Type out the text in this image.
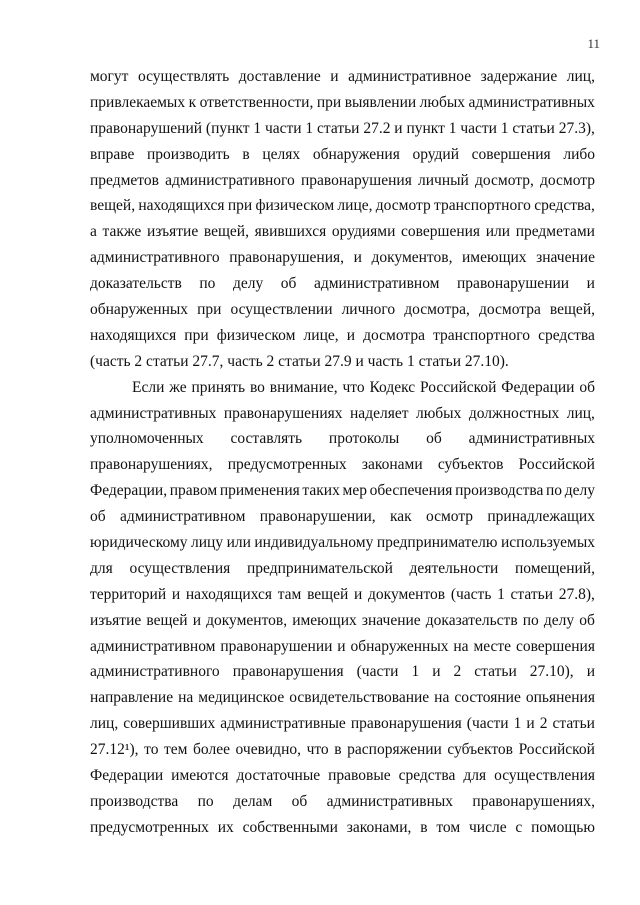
11
могут осуществлять доставление и административное задержание лиц,
привлекаемых к ответственности, при выявлении любых административных
правонарушений (пункт 1 части 1 статьи 27.2 и пункт 1 части 1 статьи 27.3),
вправе производить в целях обнаружения орудий совершения либо
предметов административного правонарушения личный досмотр, досмотр
вещей, находящихся при физическом лице, досмотр транспортного средства,
а также изъятие вещей, явившихся орудиями совершения или предметами
административного правонарушения, и документов, имеющих значение
доказательств по делу об административном правонарушении и
обнаруженных при осуществлении личного досмотра, досмотра вещей,
находящихся при физическом лице, и досмотра транспортного средства
(часть 2 статьи 27.7, часть 2 статьи 27.9 и часть 1 статьи 27.10).
Если же принять во внимание, что Кодекс Российской Федерации об
административных правонарушениях наделяет любых должностных лиц,
уполномоченных составлять протоколы об административных
правонарушениях, предусмотренных законами субъектов Российской
Федерации, правом применения таких мер обеспечения производства по делу
об административном правонарушении, как осмотр принадлежащих
юридическому лицу или индивидуальному предпринимателю используемых
для осуществления предпринимательской деятельности помещений,
территорий и находящихся там вещей и документов (часть 1 статьи 27.8),
изъятие вещей и документов, имеющих значение доказательств по делу об
административном правонарушении и обнаруженных на месте совершения
административного правонарушения (части 1 и 2 статьи 27.10), и
направление на медицинское освидетельствование на состояние опьянения
лиц, совершивших административные правонарушения (части 1 и 2 статьи
27.12¹), то тем более очевидно, что в распоряжении субъектов Российской
Федерации имеются достаточные правовые средства для осуществления
производства по делам об административных правонарушениях,
предусмотренных их собственными законами, в том числе с помощью
